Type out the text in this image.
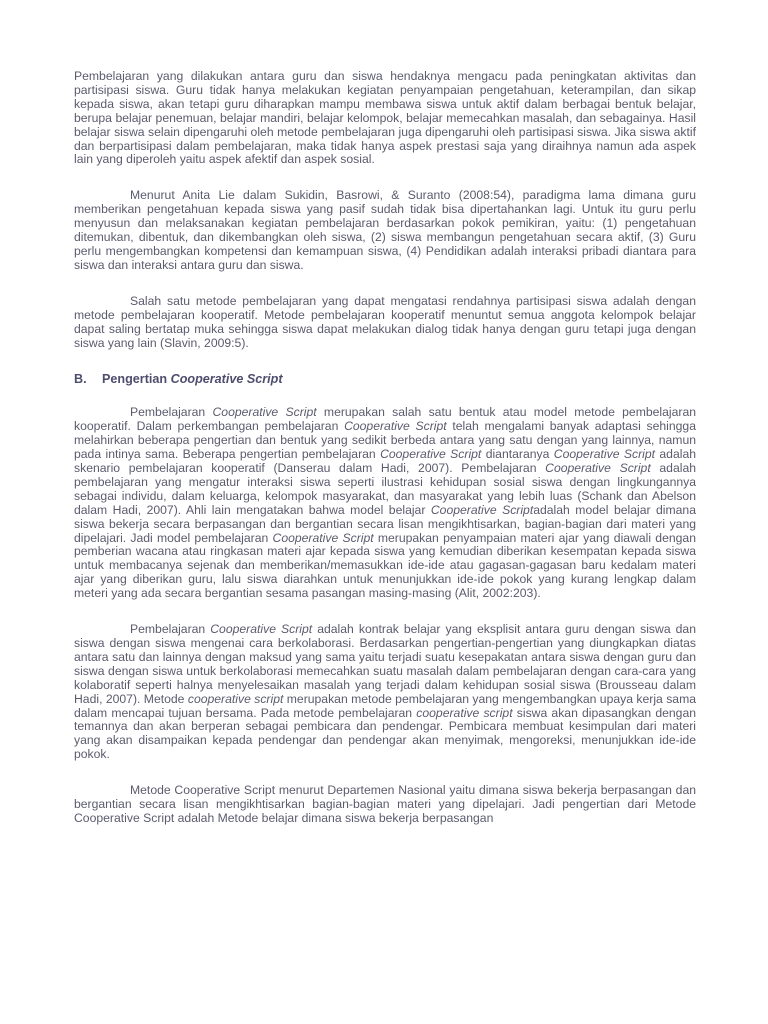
Pembelajaran yang dilakukan antara guru dan siswa hendaknya mengacu pada peningkatan aktivitas dan partisipasi siswa. Guru tidak hanya melakukan kegiatan penyampaian pengetahuan, keterampilan, dan sikap kepada siswa, akan tetapi guru diharapkan mampu membawa siswa untuk aktif dalam berbagai bentuk belajar, berupa belajar penemuan, belajar mandiri, belajar kelompok, belajar memecahkan masalah, dan sebagainya. Hasil belajar siswa selain dipengaruhi oleh metode pembelajaran juga dipengaruhi oleh partisipasi siswa. Jika siswa aktif dan berpartisipasi dalam pembelajaran, maka tidak hanya aspek prestasi saja yang diraihnya namun ada aspek lain yang diperoleh yaitu aspek afektif dan aspek sosial.

Menurut Anita Lie dalam Sukidin, Basrowi, & Suranto (2008:54), paradigma lama dimana guru memberikan pengetahuan kepada siswa yang pasif sudah tidak bisa dipertahankan lagi. Untuk itu guru perlu menyusun dan melaksanakan kegiatan pembelajaran berdasarkan pokok pemikiran, yaitu: (1) pengetahuan ditemukan, dibentuk, dan dikembangkan oleh siswa, (2) siswa membangun pengetahuan secara aktif, (3) Guru perlu mengembangkan kompetensi dan kemampuan siswa, (4) Pendidikan adalah interaksi pribadi diantara para siswa dan interaksi antara guru dan siswa.

Salah satu metode pembelajaran yang dapat mengatasi rendahnya partisipasi siswa adalah dengan metode pembelajaran kooperatif. Metode pembelajaran kooperatif menuntut semua anggota kelompok belajar dapat saling bertatap muka sehingga siswa dapat melakukan dialog tidak hanya dengan guru tetapi juga dengan siswa yang lain (Slavin, 2009:5).

B. Pengertian Cooperative Script

Pembelajaran Cooperative Script merupakan salah satu bentuk atau model metode pembelajaran kooperatif. Dalam perkembangan pembelajaran Cooperative Script telah mengalami banyak adaptasi sehingga melahirkan beberapa pengertian dan bentuk yang sedikit berbeda antara yang satu dengan yang lainnya, namun pada intinya sama. Beberapa pengertian pembelajaran Cooperative Script diantaranya Cooperative Script adalah skenario pembelajaran kooperatif (Danserau dalam Hadi, 2007). Pembelajaran Cooperative Script adalah pembelajaran yang mengatur interaksi siswa seperti ilustrasi kehidupan sosial siswa dengan lingkungannya sebagai individu, dalam keluarga, kelompok masyarakat, dan masyarakat yang lebih luas (Schank dan Abelson dalam Hadi, 2007). Ahli lain mengatakan bahwa model belajar Cooperative Scriptadalah model belajar dimana siswa bekerja secara berpasangan dan bergantian secara lisan mengikhtisarkan, bagian-bagian dari materi yang dipelajari. Jadi model pembelajaran Cooperative Script merupakan penyampaian materi ajar yang diawali dengan pemberian wacana atau ringkasan materi ajar kepada siswa yang kemudian diberikan kesempatan kepada siswa untuk membacanya sejenak dan memberikan/memasukkan ide-ide atau gagasan-gagasan baru kedalam materi ajar yang diberikan guru, lalu siswa diarahkan untuk menunjukkan ide-ide pokok yang kurang lengkap dalam meteri yang ada secara bergantian sesama pasangan masing-masing (Alit, 2002:203).

Pembelajaran Cooperative Script adalah kontrak belajar yang eksplisit antara guru dengan siswa dan siswa dengan siswa mengenai cara berkolaborasi. Berdasarkan pengertian-pengertian yang diungkapkan diatas antara satu dan lainnya dengan maksud yang sama yaitu terjadi suatu kesepakatan antara siswa dengan guru dan siswa dengan siswa untuk berkolaborasi memecahkan suatu masalah dalam pembelajaran dengan cara-cara yang kolaboratif seperti halnya menyelesaikan masalah yang terjadi dalam kehidupan sosial siswa (Brousseau dalam Hadi, 2007). Metode cooperative script merupakan metode pembelajaran yang mengembangkan upaya kerja sama dalam mencapai tujuan bersama. Pada metode pembelajaran cooperative script siswa akan dipasangkan dengan temannya dan akan berperan sebagai pembicara dan pendengar. Pembicara membuat kesimpulan dari materi yang akan disampaikan kepada pendengar dan pendengar akan menyimak, mengoreksi, menunjukkan ide-ide pokok.

Metode Cooperative Script menurut Departemen Nasional yaitu dimana siswa bekerja berpasangan dan bergantian secara lisan mengikhtisarkan bagian-bagian materi yang dipelajari. Jadi pengertian dari Metode Cooperative Script adalah Metode belajar dimana siswa bekerja berpasangan
